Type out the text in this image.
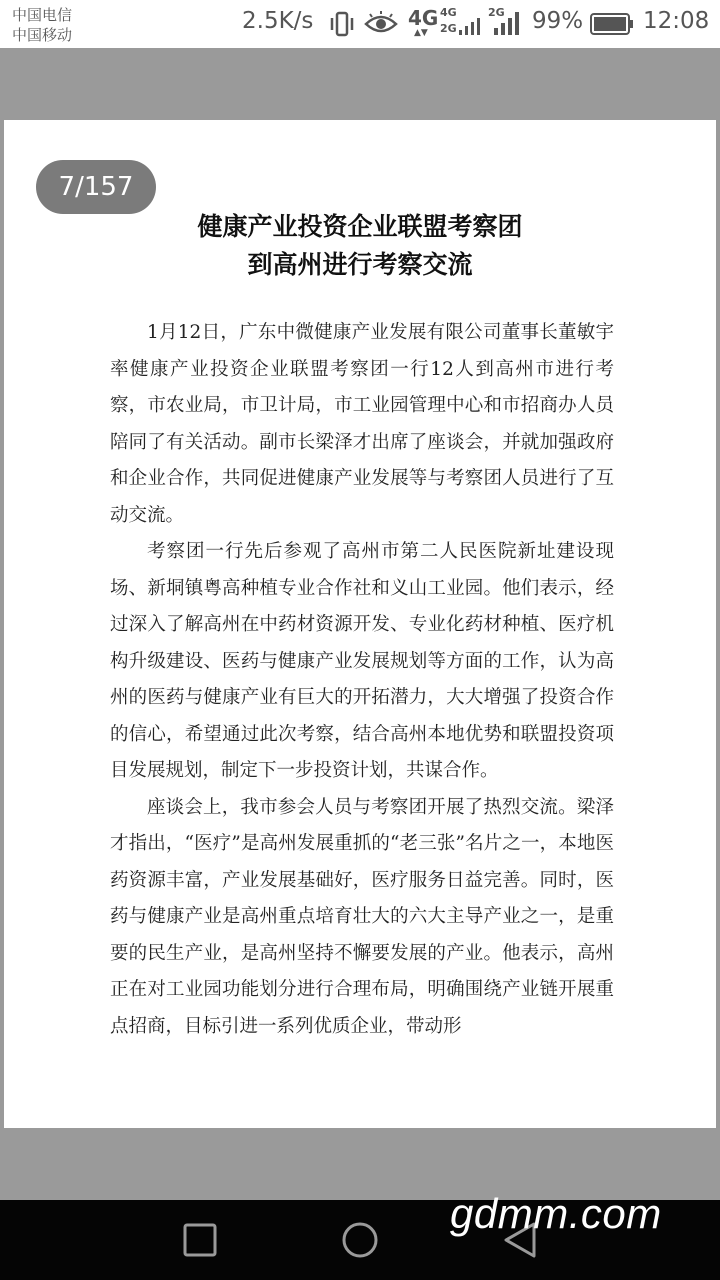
中国电信
中国移动
2.5K/s	4G
▲▼
4G
2G
2G 99%	12:08
7/157
健康产业投资企业联盟考察团
到高州进行考察交流

1月12日，广东中微健康产业发展有限公司董事长董敏宇率健康产业投资企业联盟考察团一行12人到高州市进行考察，市农业局，市卫计局，市工业园管理中心和市招商办人员陪同了有关活动。副市长梁泽才出席了座谈会，并就加强政府和企业合作，共同促进健康产业发展等与考察团人员进行了互动交流。

考察团一行先后参观了高州市第二人民医院新址建设现场、新垌镇粤高种植专业合作社和义山工业园。他们表示，经过深入了解高州在中药材资源开发、专业化药材种植、医疗机构升级建设、医药与健康产业发展规划等方面的工作，认为高州的医药与健康产业有巨大的开拓潜力，大大增强了投资合作的信心，希望通过此次考察，结合高州本地优势和联盟投资项目发展规划，制定下一步投资计划，共谋合作。

座谈会上，我市参会人员与考察团开展了热烈交流。梁泽才指出，“医疗”是高州发展重抓的“老三张”名片之一，本地医药资源丰富，产业发展基础好，医疗服务日益完善。同时，医药与健康产业是高州重点培育壮大的六大主导产业之一，是重要的民生产业，是高州坚持不懈要发展的产业。他表示，高州正在对工业园功能划分进行合理布局，明确围绕产业链开展重点招商，目标引进一系列优质企业，带动形

gdmm.com
